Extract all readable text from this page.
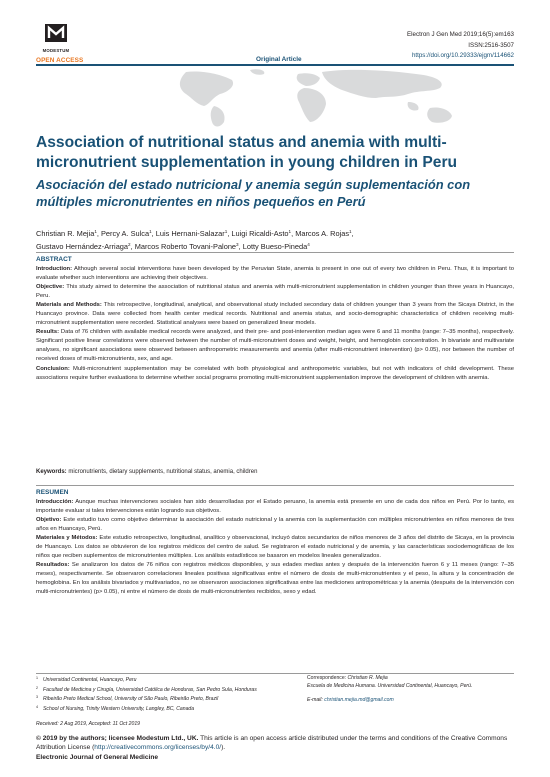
MODESTUM
OPEN ACCESS	Original Article
Electron J Gen Med 2019;16(5):em163
ISSN:2516-3507
https://doi.org/10.29333/ejgm/114662
Association of nutritional status and anemia with multi-micronutrient supplementation in young children in Peru
Asociación del estado nutricional y anemia según suplementación con múltiples micronutrientes en niños pequeños en Perú
Christian R. Mejia$^1$, Percy A. Sulca$^1$, Luis Hernani-Salazar$^1$, Luigi Ricaldi-Asto$^1$, Marcos A. Rojas$^1$,
Gustavo Hernández-Arriaga$^2$, Marcos Roberto Tovani-Palone$^3$, Lotty Bueso-Pineda$^4$
ABSTRACT

Introduction: Although several social interventions have been developed by the Peruvian State, anemia is present in one out of every two children in Peru. Thus, it is important to evaluate whether such interventions are achieving their objectives.

Objective: This study aimed to determine the association of nutritional status and anemia with multi-micronutrient supplementation in children younger than three years in Huancayo, Peru.

Materials and Methods: This retrospective, longitudinal, analytical, and observational study included secondary data of children younger than 3 years from the Sicaya District, in the Huancayo province. Data were collected from health center medical records. Nutritional and anemia status, and socio-demographic characteristics of children receiving multi-micronutrient supplementation were recorded. Statistical analyses were based on generalized linear models.

Results: Data of 76 children with available medical records were analyzed, and their pre- and post-intervention median ages were 6 and 11 months (range: 7–35 months), respectively. Significant positive linear correlations were observed between the number of multi-micronutrient doses and weight, height, and hemoglobin concentration. In bivariate and multivariate analyses, no significant associations were observed between anthropometric measurements and anemia (after multi-micronutrient intervention) (p> 0.05), nor between the number of received doses of multi-micronutrients, sex, and age.

Conclusion: Multi-micronutrient supplementation may be correlated with both physiological and anthropometric variables, but not with indicators of child development. These associations require further evaluations to determine whether social programs promoting multi-micronutrient supplementation improve the development of children with anemia.

Keywords: micronutrients, dietary supplements, nutritional status, anemia, children
RESUMEN

Introducción: Aunque muchas intervenciones sociales han sido desarrolladas por el Estado peruano, la anemia está presente en uno de cada dos niños en Perú. Por lo tanto, es importante evaluar si tales intervenciones están logrando sus objetivos.

Objetivo: Este estudio tuvo como objetivo determinar la asociación del estado nutricional y la anemia con la suplementación con múltiples micronutrientes en niños menores de tres años en Huancayo, Perú.

Materiales y Métodos: Este estudio retrospectivo, longitudinal, analítico y observacional, incluyó datos secundarios de niños menores de 3 años del distrito de Sicaya, en la provincia de Huancayo. Los datos se obtuvieron de los registros médicos del centro de salud. Se registraron el estado nutricional y de anemia, y las características sociodemográficas de los niños que reciben suplementos de micronutrientes múltiples. Los análisis estadísticos se basaron en modelos lineales generalizados.

Resultados: Se analizaron los datos de 76 niños con registros médicos disponibles, y sus edades medias antes y después de la intervención fueron 6 y 11 meses (rango: 7–35 meses), respectivamente. Se observaron correlaciones lineales positivas significativas entre el número de dosis de multi-micronutrientes y el peso, la altura y la concentración de hemoglobina. En los análisis bivariados y multivariados, no se observaron asociaciones significativas entre las mediciones antropométricas y la anemia (después de la intervención con multi-micronutrientes) (p> 0.05), ni entre el número de dosis de multi-micronutrientes recibidos, sexo y edad.

$^1$ Universidad Continental, Huancayo, Peru
$^2$ Facultad de Medicina y Cirugía, Universidad Católica de Honduras, San Pedro Sula, Honduras
$^3$ Ribeirão Preto Medical School, University of São Paulo, Ribeirão Preto, Brazil
$^4$ School of Nursing, Trinity Western University, Langley, BC, Canada
Correspondence: Christian R. Mejia
Escuela de Medicina Humana. Universidad Continental, Huancayo, Perú.
E-mail: christian.mejia.md@gmail.com
Received: 2 Aug 2019, Accepted: 11 Oct 2019
© 2019 by the authors; licensee Modestum Ltd., UK. This article is an open access article distributed under the terms and conditions of the Creative Commons Attribution License (http://creativecommons.org/licenses/by/4.0/).
Electronic Journal of General Medicine
